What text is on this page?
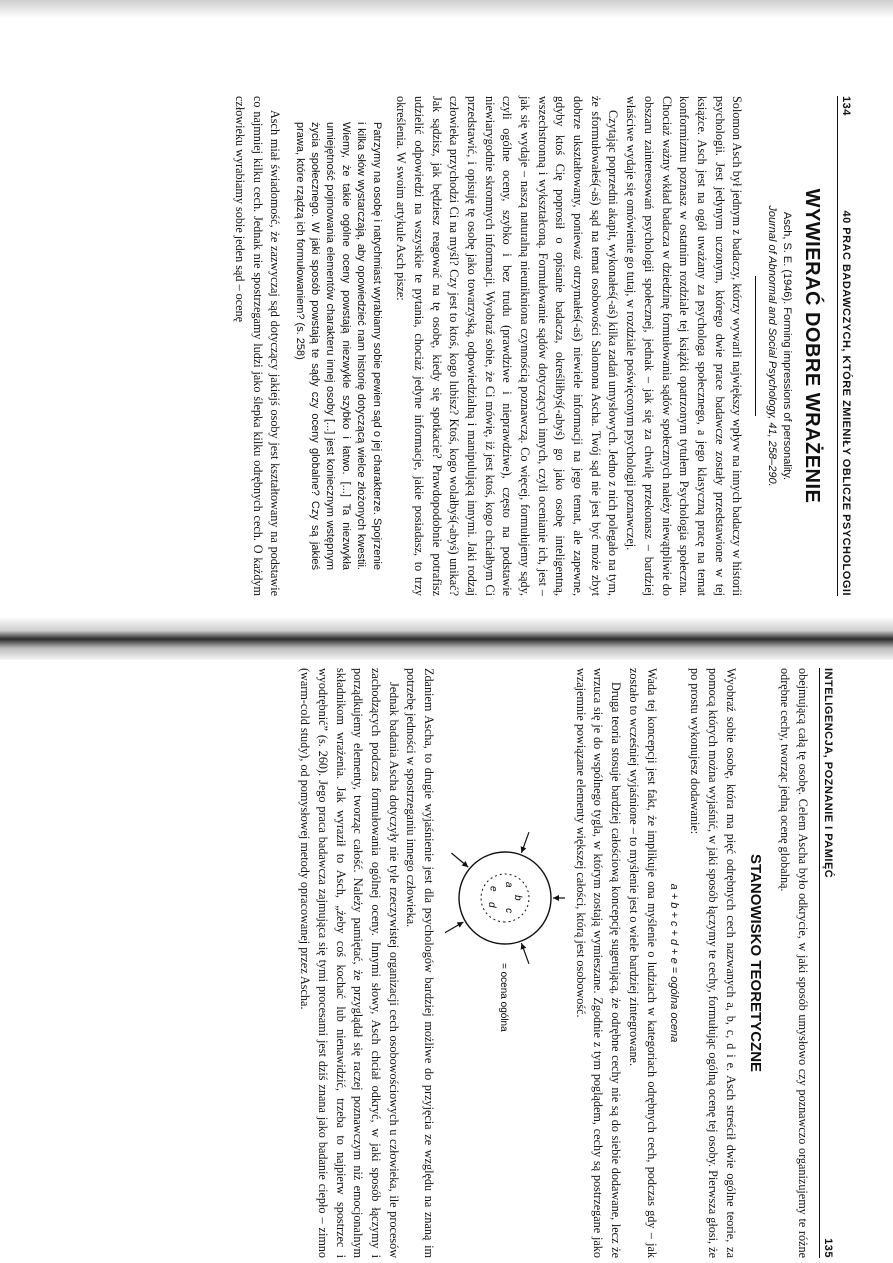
134
40 PRAC BADAWCZYCH, KTÓRE ZMIENIŁY OBLICZE PSYCHOLOGII
WYWIERAĆ DOBRE WRAŻENIE
Asch, S. E. (1946). Forming impressions of personality.
Journal of Abnormal and Social Psychology, 41, 258–290.

Solomon Asch był jednym z badaczy, którzy wywarli największy wpływ na innych badaczy w historii psychologii. Jest jedynym uczonym, którego dwie prace badawcze zostały przedstawione w tej książce. Asch jest na ogół uważany za psychologa społecznego, a jego klasyczną pracę na temat konformizmu poznasz w ostatnim rozdziale tej książki opatrzonym tytułem Psychologia społeczna. Chociaż ważny wkład badacza w dziedzinę formułowania sądów społecznych należy niewątpliwie do obszaru zainteresowań psychologii społecznej, jednak – jak się za chwilę przekonasz – bardziej właściwe wydaje się omówienie go tutaj, w rozdziale poświęconym psychologii poznawczej.

Czytając poprzedni akapit, wykonałeś(-aś) kilka zadań umysłowych. Jedno z nich polegało na tym, że sformułowałeś(-aś) sąd na temat osobowości Salomona Ascha. Twój sąd nie jest być może zbyt dobrze ukształtowany, ponieważ otrzymałeś(-aś) niewiele informacji na jego temat, ale zapewne, gdyby ktoś Cię poprosił o opisanie badacza, określiłbyś(-abyś) go jako osobę inteligentną, wszechstronną i wykształconą. Formułowanie sądów dotyczących innych, czyli ocenianie ich, jest – jak się wydaje – naszą naturalną nieunikniona czynnością poznawczą. Co więcej, formułujemy sądy, czyli ogólne oceny, szybko i bez trudu (prawdziwe i nieprawdziwe), często na podstawie niewiarygodnie skromnych informacji. Wyobraź sobie, że Ci mówię, iż jest ktoś, kogo chciałbym Ci przedstawić, i opisuję tę osobę jako towarzyską, odpowiedzialną i manipulującą innymi. Jaki rodzaj człowieka przychodzi Ci na myśl? Czy jest to ktoś, kogo lubisz? Ktoś, kogo wolałbyś(-abyś) unikać? Jak sądzisz, jak będziesz reagować na tę osobę, kiedy się spotkacie? Prawdopodobnie potrafisz udzielić odpowiedzi na wszystkie te pytania, chociaż jedyne informacje, jakie posiadasz, to trzy określenia. W swoim artykule Asch pisze:

Patrzymy na osobę i natychmiast wyrabiamy sobie pewien sąd o jej charakterze. Spojrzenie i kilka słów wystarczają, aby opowiedzieć nam historię dotyczącą wielce złożonych kwestii. Wiemy, że takie ogólne oceny powstają niezwykle szybko i łatwo. [...] Ta niezwykła umiejętność pojmowania elementów charakteru innej osoby [...] jest koniecznym wstępnym życia społecznego. W jaki sposób powstają te sądy czy oceny globalne? Czy są jakieś prawa, które rządzą ich formułowaniem? (s. 258)

Asch miał świadomość, że zazwyczaj sąd dotyczący jakiejś osoby jest kształtowany na podstawie co najmniej kilku cech. Jednak nie spostrzegamy ludzi jako ślepka kilku odrębnych cech. O każdym człowieku wyrabiamy sobie jeden sąd – ocenę

INTELIGENCJA, POZNANIE I PAMIĘĆ
135

obejmującą całą tę osobę. Celem Ascha było odkrycie, w jaki sposób umysłowo czy poznawczo organizujemy te różne odrębne cechy, tworząc jedną ocenę globalną.

STANOWISKO TEORETYCZNE

Wyobraź sobie osobę, która ma pięć odrębnych cech nazwanych a, b, c, d i e. Asch streścił dwie ogólne teorie, za pomocą których można wyjaśnić, w jaki sposób łączymy te cechy, formułując ogólną ocenę tej osoby. Pierwsza głosi, że po prostu wykonujesz dodawanie:

a + b + c + d + e = ogólna ocena

Wada tej koncepcji jest fakt, że implikuje ona myślenie o ludziach w kategoriach odrębnych cech, podczas gdy – jak zostało to wcześniej wyjaśnione – to myślenie jest o wiele bardziej zintegrowane.

Druga teoria stosuje bardziej całościową koncepcję sugerującą, że odrębne cechy nie są do siebie dodawane, lecz że wrzuca się je do wspólnego tygla, w którym zostają wymieszane. Zgodnie z tym poglądem, cechy są postrzegane jako wzajemnie powiązane elementy większej całości, którą jest osobowość.

a
b
c
d
e
= ocena ogólna

Zdaniem Ascha, to drugie wyjaśnienie jest dla psychologów bardziej możliwe do przyjęcia ze względu na znaną im potrzebę jedności w spostrzeganiu innego człowieka.

Jednak badania Ascha dotyczyły nie tyle rzeczywistej organizacji cech osobowościowych u człowieka, ile procesów zachodzących podczas formułowania ogólnej oceny. Innymi słowy, Asch chciał odkryć, w jaki sposób łączymy i porządkujemy elementy, tworząc całość. Należy pamiętać, że przyglądał się raczej poznawczym niż emocjonalnym składnikom wrażenia. Jak wyraził to Asch, „żeby coś kochać lub nienawidzić, trzeba to najpierw spostrzec i wyodrębnić” (s. 260). Jego praca badawcza zajmująca się tymi procesami jest dziś znana jako badanie ciepło – zimno (warm-cold study), od pomysłowej metody opracowanej przez Ascha.
